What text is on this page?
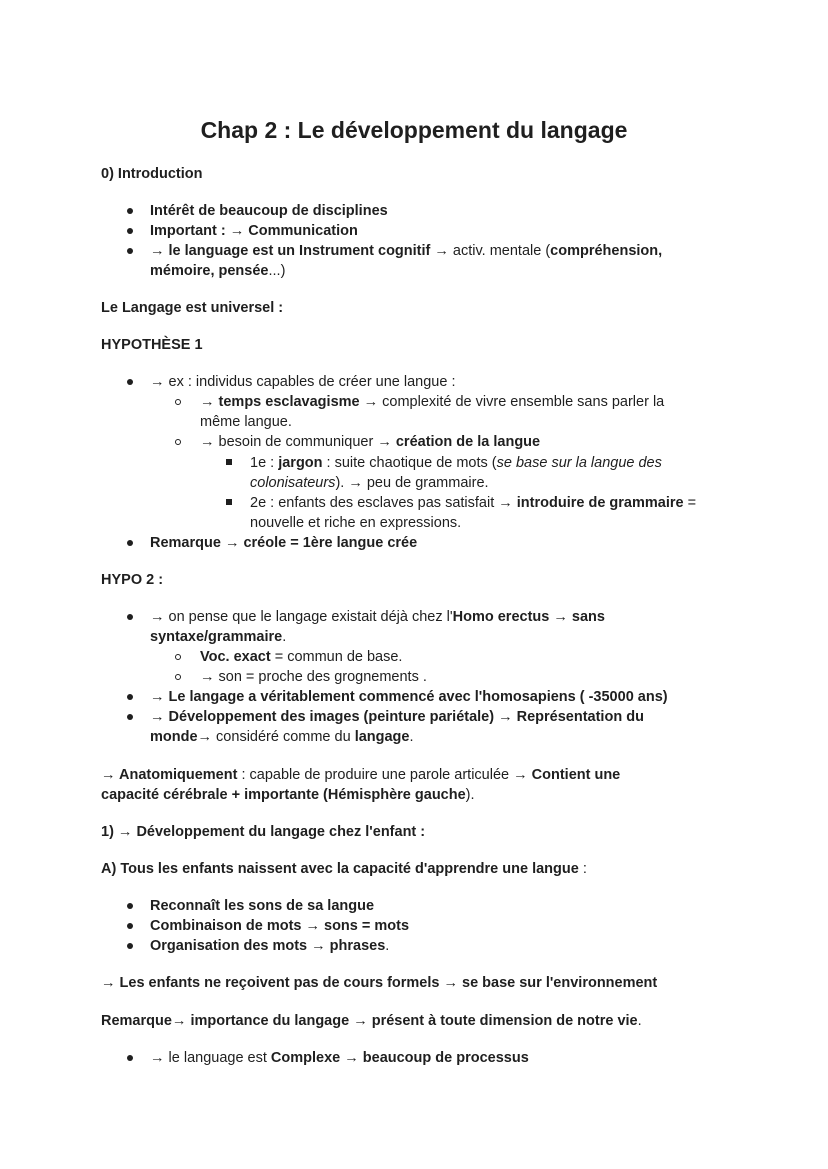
Chap 2 : Le développement du langage
0) Introduction
Intérêt de beaucoup de disciplines
Important : → Communication
→ le language est un Instrument cognitif → activ. mentale (compréhension,
mémoire, pensée...)
Le Langage est universel :
HYPOTHÈSE 1
→ ex : individus capables de créer une langue :
→ temps esclavagisme → complexité de vivre ensemble sans parler la
même langue.
→ besoin de communiquer → création de la langue
1e : jargon : suite chaotique de mots (se base sur la langue des
colonisateurs). → peu de grammaire.
2e : enfants des esclaves pas satisfait → introduire de grammaire =
nouvelle et riche en expressions.
Remarque → créole = 1ère langue crée
HYPO 2 :
→ on pense que le langage existait déjà chez l'Homo erectus → sans
syntaxe/grammaire.
Voc. exact = commun de base.
→ son = proche des grognements .
→ Le langage a véritablement commencé avec l'homosapiens ( -35000 ans)
→ Développement des images (peinture pariétale) → Représentation du
monde→ considéré comme du langage.
→ Anatomiquement : capable de produire une parole articulée → Contient une
capacité cérébrale + importante (Hémisphère gauche).
1) → Développement du langage chez l'enfant :
A) Tous les enfants naissent avec la capacité d'apprendre une langue :
Reconnaît les sons de sa langue
Combinaison de mots → sons = mots
Organisation des mots → phrases.
→ Les enfants ne reçoivent pas de cours formels → se base sur l'environnement
Remarque→ importance du langage → présent à toute dimension de notre vie.
→ le language est Complexe → beaucoup de processus
